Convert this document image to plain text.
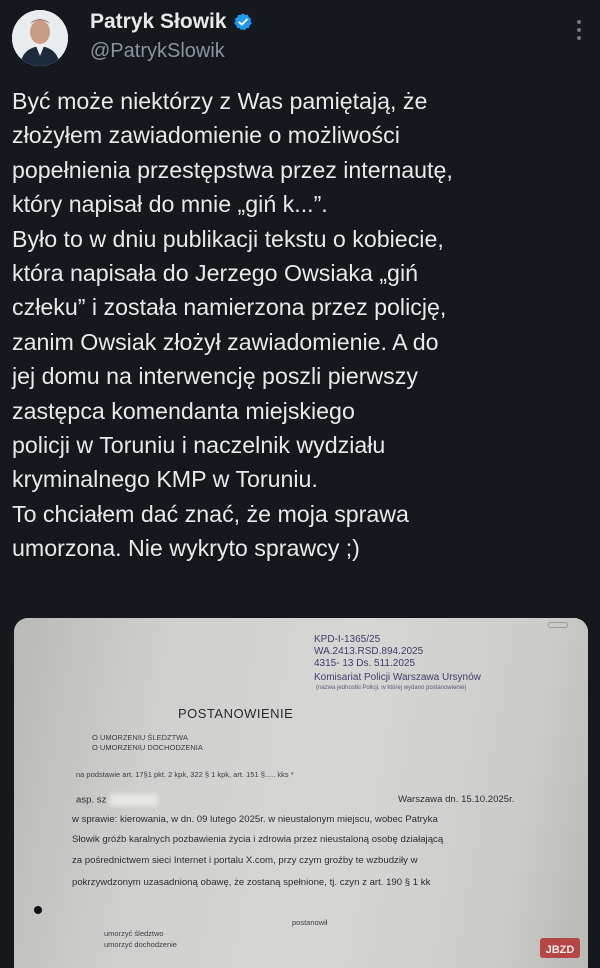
Patryk Słowik
@PatrykSlowik
Być może niektórzy z Was pamiętają, że
złożyłem zawiadomienie o możliwości
popełnienia przestępstwa przez internautę,
który napisał do mnie „giń k...”.
Było to w dniu publikacji tekstu o kobiecie,
która napisała do Jerzego Owsiaka „giń
człeku” i została namierzona przez policję,
zanim Owsiak złożył zawiadomienie. A do
jej domu na interwencję poszli pierwszy
zastępca komendanta miejskiego
policji w Toruniu i naczelnik wydziału
kryminalnego KMP w Toruniu.
To chciałem dać znać, że moja sprawa
umorzona. Nie wykryto sprawcy ;)
KPD-I-1365/25
WA.2413.RSD.894.2025
4315- 13 Ds. 511.2025
Komisariat Policji Warszawa Ursynów
(nazwa jednostki Policji, w której wydano postanowienie)
POSTANOWIENIE
O UMORZENIU ŚLEDZTWA
O UMORZENIU DOCHODZENIA
na podstawie art. 17§1 pkt. 2 kpk, 322 § 1 kpk, art. 151 §..... kks *
asp. sz	Warszawa dn. 15.10.2025r.
w sprawie: kierowania, w dn. 09 lutego 2025r. w nieustalonym miejscu, wobec Patryka
Słowik gróźb karalnych pozbawienia życia i zdrowia przez nieustaloną osobę działającą
za pośrednictwem sieci Internet i portalu X.com, przy czym groźby te wzbudziły w
pokrzywdzonym uzasadnioną obawę, że zostaną spełnione, tj. czyn z art. 190 § 1 kk
postanowił
umorzyć śledztwo
umorzyć dochodzenie	JBZD
